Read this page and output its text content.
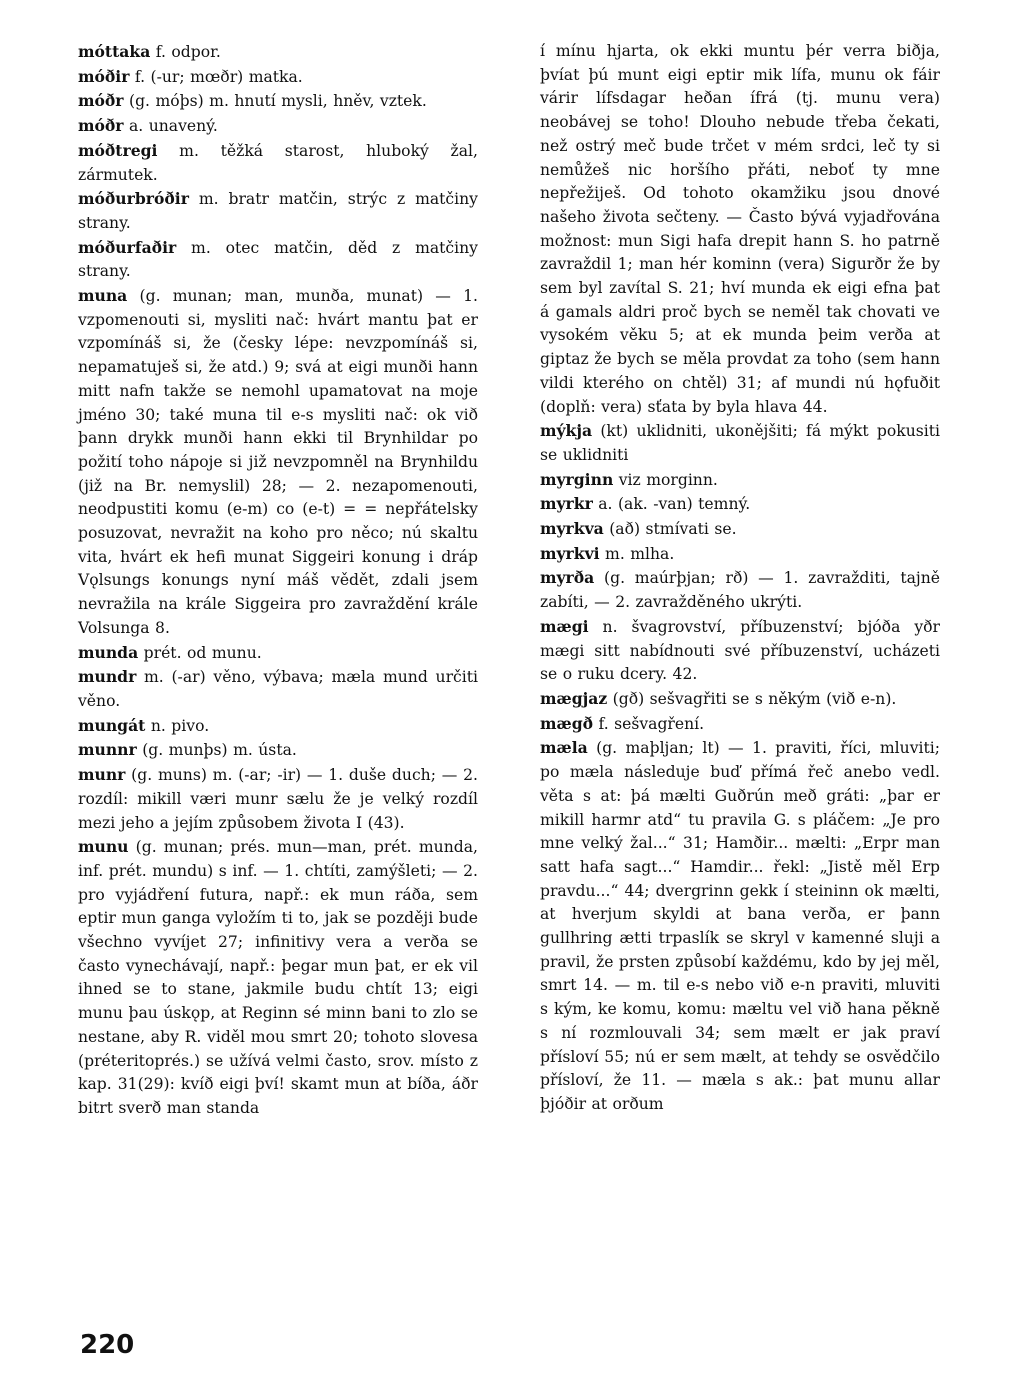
móttaka f. odpor.

móðir f. (-ur; mœðr) matka.

móðr (g. móþs) m. hnutí mysli, hněv, vztek.

móðr a. unavený.

móðtregi m. těžká starost, hluboký žal, zármutek.

móðurbróðir m. bratr matčin, strýc z matčiny strany.

móðurfaðir m. otec matčin, děd z matčiny strany.

muna (g. munan; man, munða, munat) — 1. vzpomenouti si, mysliti nač: hvárt mantu þat er vzpomínáš si, že (česky lépe: nevzpomínáš si, nepamatuješ si, že atd.) 9; svá at eigi munði hann mitt nafn takže se nemohl upamatovat na moje jméno 30; také muna til e-s mysliti nač: ok við þann drykk munði hann ekki til Brynhildar po požití toho nápoje si již nevzpomněl na Brynhildu (již na Br. nemyslil) 28; — 2. nezapomenouti, neodpustiti komu (e-m) co (e-t) = = nepřátelsky posuzovat, nevražit na koho pro něco; nú skaltu vita, hvárt ek hefi munat Siggeiri konung i dráp Vǫlsungs konungs nyní máš vědět, zdali jsem nevražila na krále Siggeira pro zavraždění krále Volsunga 8.

munda prét. od munu.

mundr m. (-ar) věno, výbava; mæla mund určiti věno.

mungát n. pivo.

munnr (g. munþs) m. ústa.

munr (g. muns) m. (-ar; -ir) — 1. duše duch; — 2. rozdíl: mikill væri munr sælu že je velký rozdíl mezi jeho a jejím způsobem života I (43).

munu (g. munan; prés. mun—man, prét. munda, inf. prét. mundu) s inf. — 1. chtíti, zamýšleti; — 2. pro vyjádření futura, např.: ek mun ráða, sem eptir mun ganga vyložím ti to, jak se později bude všechno vyvíjet 27; infinitivy vera a verða se často vynechávají, např.: þegar mun þat, er ek vil ihned se to stane, jakmile budu chtít 13; eigi munu þau úskǫp, at Reginn sé minn bani to zlo se nestane, aby R. viděl mou smrt 20; tohoto slovesa (préteritoprés.) se užívá velmi často, srov. místo z kap. 31(29): kvíð eigi því! skamt mun at bíða, áðr bitrt sverð man standa

í mínu hjarta, ok ekki muntu þér verra biðja, þvíat þú munt eigi eptir mik lífa, munu ok fáir várir lífsdagar heðan ífrá (tj. munu vera) neobávej se toho! Dlouho nebude třeba čekati, než ostrý meč bude trčet v mém srdci, leč ty si nemůžeš nic horšího přáti, neboť ty mne nepřežiješ. Od tohoto okamžiku jsou dnové našeho života sečteny. — Často bývá vyjadřována možnost: mun Sigi hafa drepit hann S. ho patrně zavraždil 1; man hér kominn (vera) Sigurðr že by sem byl zavítal S. 21; hví munda ek eigi efna þat á gamals aldri proč bych se neměl tak chovati ve vysokém věku 5; at ek munda þeim verða at giptaz že bych se měla provdat za toho (sem hann vildi kterého on chtěl) 31; af mundi nú hǫfuðit (doplň: vera) sťata by byla hlava 44.

mýkja (kt) uklidniti, ukonějšiti; fá mýkt pokusiti se uklidniti

myrginn viz morginn.

myrkr a. (ak. -van) temný.

myrkva (að) stmívati se.

myrkvi m. mlha.

myrða (g. maúrþjan; rð) — 1. zavražditi, tajně zabíti, — 2. zavražděného ukrýti.

mægi n. švagrovství, příbuzenství; bjóða yðr mægi sitt nabídnouti své příbuzenství, ucházeti se o ruku dcery. 42.

mægjaz (gð) sešvagřiti se s někým (við e-n).

mægð f. sešvagření.

mæla (g. maþljan; lt) — 1. praviti, říci, mluviti; po mæla následuje buď přímá řeč anebo vedl. věta s at: þá mælti Guðrún með gráti: „þar er mikill harmr atd“ tu pravila G. s pláčem: „Je pro mne velký žal...“ 31; Hamðir... mælti: „Erpr man satt hafa sagt...“ Hamdir... řekl: „Jistě měl Erp pravdu...“ 44; dvergrinn gekk í steininn ok mælti, at hverjum skyldi at bana verða, er þann gullhring ætti trpaslík se skryl v kamenné sluji a pravil, že prsten způsobí každému, kdo by jej měl, smrt 14. — m. til e-s nebo við e-n praviti, mluviti s kým, ke komu, komu: mæltu vel við hana pěkně s ní rozmlouvali 34; sem mælt er jak praví přísloví 55; nú er sem mælt, at tehdy se osvědčilo přísloví, že 11. — mæla s ak.: þat munu allar þjóðir at orðum

220
